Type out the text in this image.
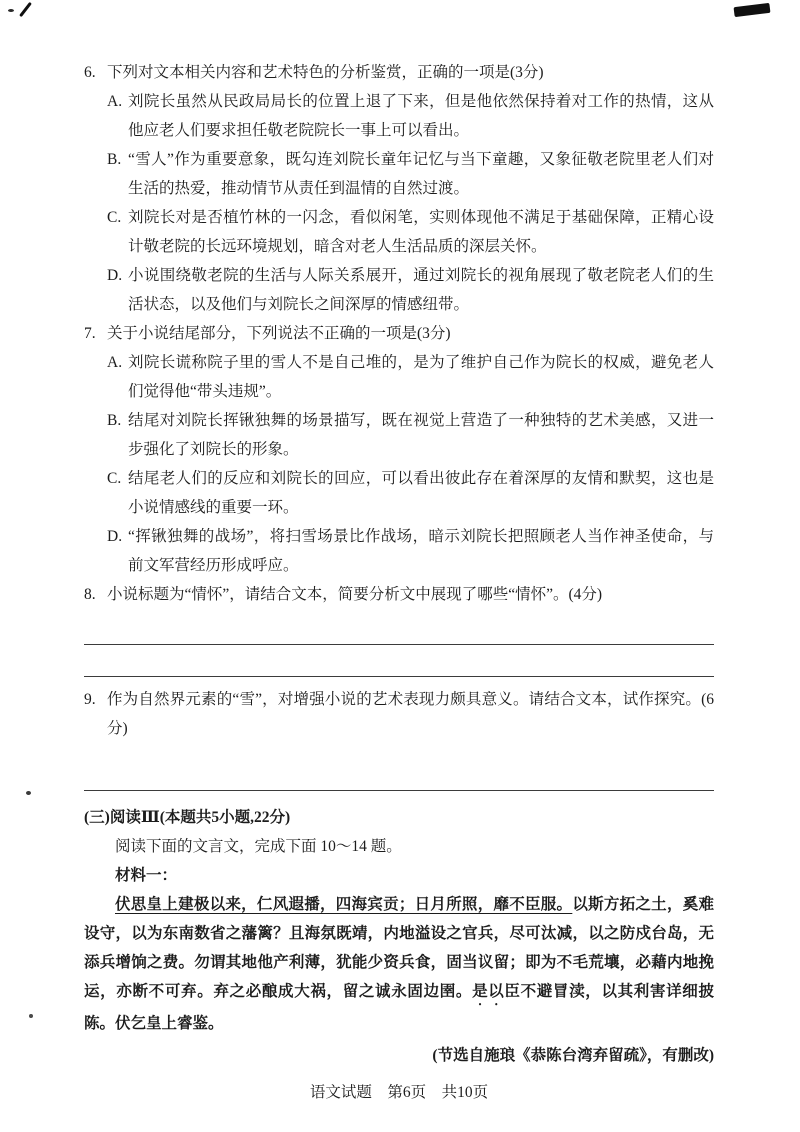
6. 下列对文本相关内容和艺术特色的分析鉴赏，正确的一项是(3分)
A. 刘院长虽然从民政局局长的位置上退了下来，但是他依然保持着对工作的热情，这从他应老人们要求担任敬老院院长一事上可以看出。
B. “雪人”作为重要意象，既勾连刘院长童年记忆与当下童趣，又象征敬老院里老人们对生活的热爱，推动情节从责任到温情的自然过渡。
C. 刘院长对是否植竹林的一闪念，看似闲笔，实则体现他不满足于基础保障，正精心设计敬老院的长远环境规划，暗含对老人生活品质的深层关怀。
D. 小说围绕敬老院的生活与人际关系展开，通过刘院长的视角展现了敬老院老人们的生活状态，以及他们与刘院长之间深厚的情感纽带。
7. 关于小说结尾部分，下列说法不正确的一项是(3分)
A. 刘院长谎称院子里的雪人不是自己堆的，是为了维护自己作为院长的权威，避免老人们觉得他“带头违规”。
B. 结尾对刘院长挥锹独舞的场景描写，既在视觉上营造了一种独特的艺术美感，又进一步强化了刘院长的形象。
C. 结尾老人们的反应和刘院长的回应，可以看出彼此存在着深厚的友情和默契，这也是小说情感线的重要一环。
D. “挥锹独舞的战场”，将扫雪场景比作战场，暗示刘院长把照顾老人当作神圣使命，与前文军营经历形成呼应。
8. 小说标题为“情怀”，请结合文本，简要分析文中展现了哪些“情怀”。(4分)
9. 作为自然界元素的“雪”，对增强小说的艺术表现力颇具意义。请结合文本，试作探究。(6分)
(三)阅读Ⅲ(本题共5小题,22分)
阅读下面的文言文，完成下面 10～14 题。
材料一：
伏思皇上建极以来，仁风遐播，四海宾贡；日月所照，靡不臣服。以斯方拓之土，奚难设守，以为东南数省之藩篱？且海氛既靖，内地溢设之官兵，尽可汰减，以之防戍台岛，无添兵增饷之费。勿谓其地他产利薄，犹能少资兵食，固当议留；即为不毛荒壤，必藉内地挽运，亦断不可弃。弃之必酿成大祸，留之诚永固边圉。是以臣不避冒渎，以其利害详细披陈。伏乞皇上睿鉴。
(节选自施琅《恭陈台湾弃留疏》，有删改)
语文试题　第6页　共10页
